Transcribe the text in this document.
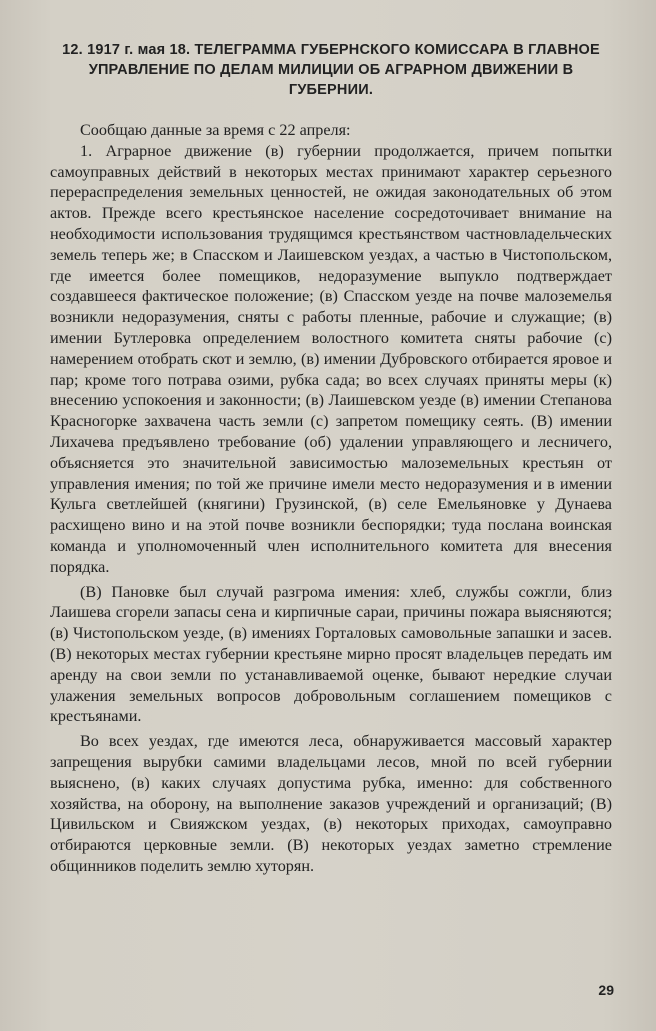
12. 1917 г. мая 18. ТЕЛЕГРАММА ГУБЕРНСКОГО КОМИССАРА В ГЛАВНОЕ УПРАВЛЕНИЕ ПО ДЕЛАМ МИЛИЦИИ ОБ АГРАРНОМ ДВИЖЕНИИ В ГУБЕРНИИ.

Сообщаю данные за время с 22 апреля:

1. Аграрное движение (в) губернии продолжается, причем попытки самоуправных действий в некоторых местах принимают характер серьезного перераспределения земельных ценностей, не ожидая законодательных об этом актов. Прежде всего крестьянское население сосредоточивает внимание на необходимости использования трудящимся крестьянством частновладельческих земель теперь же; в Спасском и Лаишевском уездах, а частью в Чистопольском, где имеется более помещиков, недоразумение выпукло подтверждает создавшееся фактическое положение; (в) Спасском уезде на почве малоземелья возникли недоразумения, сняты с работы пленные, рабочие и служащие; (в) имении Бутлеровка определением волостного комитета сняты рабочие (с) намерением отобрать скот и землю, (в) имении Дубровского отбирается яровое и пар; кроме того потрава озими, рубка сада; во всех случаях приняты меры (к) внесению успокоения и законности; (в) Лаишевском уезде (в) имении Степанова Красногорке захвачена часть земли (с) запретом помещику сеять. (В) имении Лихачева предъявлено требование (об) удалении управляющего и лесничего, объясняется это значительной зависимостью малоземельных крестьян от управления имения; по той же причине имели место недоразумения и в имении Кульга светлейшей (княгини) Грузинской, (в) селе Емельяновке у Дунаева расхищено вино и на этой почве возникли беспорядки; туда послана воинская команда и уполномоченный член исполнительного комитета для внесения порядка.

(В) Пановке был случай разгрома имения: хлеб, службы сожгли, близ Лаишева сгорели запасы сена и кирпичные сараи, причины пожара выясняются; (в) Чистопольском уезде, (в) имениях Горталовых самовольные запашки и засев. (В) некоторых местах губернии крестьяне мирно просят владельцев передать им аренду на свои земли по устанавливаемой оценке, бывают нередкие случаи улажения земельных вопросов добровольным соглашением помещиков с крестьянами.

Во всех уездах, где имеются леса, обнаруживается массовый характер запрещения вырубки самими владельцами лесов, мной по всей губернии выяснено, (в) каких случаях допустима рубка, именно: для собственного хозяйства, на оборону, на выполнение заказов учреждений и организаций; (В) Цивильском и Свияжском уездах, (в) некоторых приходах, самоуправно отбираются церковные земли. (В) некоторых уездах заметно стремление общинников поделить землю хуторян.

29
